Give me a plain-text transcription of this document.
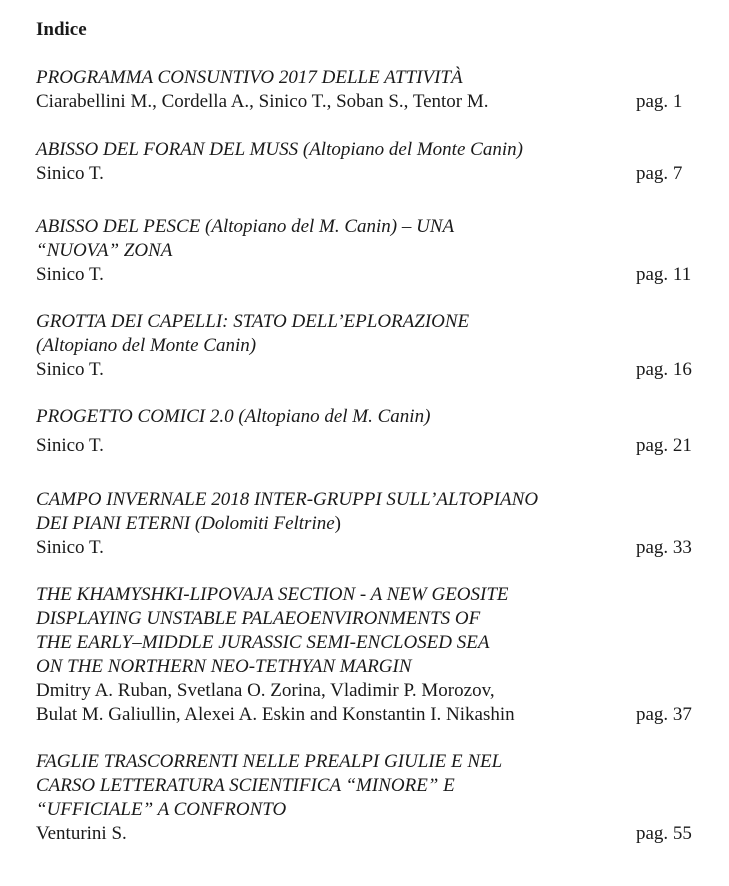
Indice
PROGRAMMA CONSUNTIVO 2017 DELLE ATTIVITÀ
Ciarabellini M., Cordella A., Sinico T., Soban S., Tentor M.	pag. 1
ABISSO DEL FORAN DEL MUSS (Altopiano del Monte Canin)
Sinico T.	pag. 7
ABISSO DEL PESCE (Altopiano del M. Canin) – UNA
“NUOVA” ZONA
Sinico T.	pag. 11
GROTTA DEI CAPELLI: STATO DELL’EPLORAZIONE
(Altopiano del Monte Canin)
Sinico T.	pag. 16
PROGETTO COMICI 2.0 (Altopiano del M. Canin)
Sinico T.	pag. 21
CAMPO INVERNALE 2018 INTER-GRUPPI SULL’ALTOPIANO
DEI PIANI ETERNI (Dolomiti Feltrine)
Sinico T.	pag. 33
THE KHAMYSHKI-LIPOVAJA SECTION - A NEW GEOSITE
DISPLAYING UNSTABLE PALAEOENVIRONMENTS OF
THE EARLY–MIDDLE JURASSIC SEMI-ENCLOSED SEA
ON THE NORTHERN NEO-TETHYAN MARGIN
Dmitry A. Ruban, Svetlana O. Zorina, Vladimir P. Morozov,
Bulat M. Galiullin, Alexei A. Eskin and Konstantin I. Nikashin	pag. 37
FAGLIE TRASCORRENTI NELLE PREALPI GIULIE E NEL
CARSO LETTERATURA SCIENTIFICA “MINORE” E
“UFFICIALE” A CONFRONTO
Venturini S.	pag. 55
